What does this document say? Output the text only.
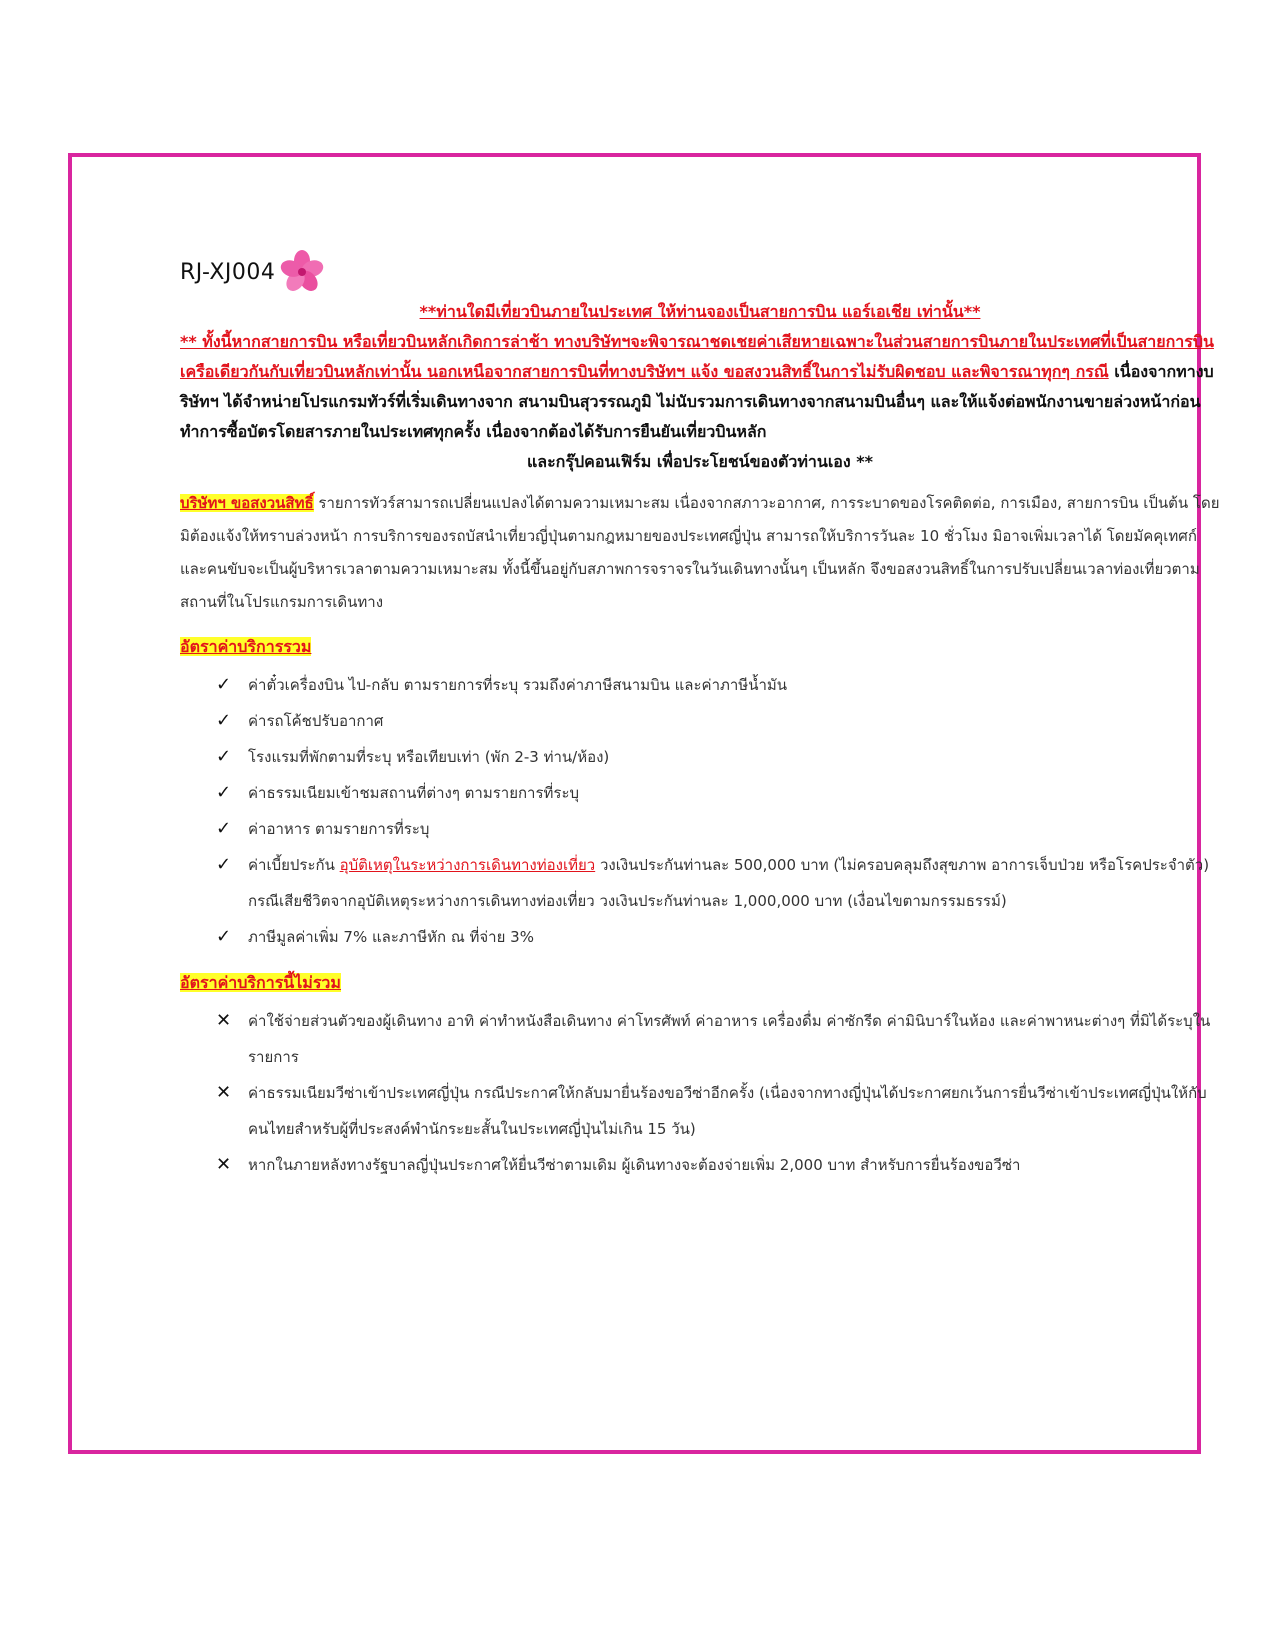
RJ-XJ004
**ท่านใดมีเที่ยวบินภายในประเทศ ให้ท่านจองเป็นสายการบิน แอร์เอเชีย เท่านั้น**
** ทั้งนี้หากสายการบิน หรือเที่ยวบินหลักเกิดการล่าช้า ทางบริษัทฯจะพิจารณาชดเชยค่าเสียหายเฉพาะในส่วนสายการบินภายในประเทศที่เป็นสายการบินเครือเดียวกันกับเที่ยวบินหลักเท่านั้น นอกเหนือจากสายการบินที่ทางบริษัทฯ แจ้ง ขอสงวนสิทธิ์ในการไม่รับผิดชอบ และพิจารณาทุกๆ กรณี เนื่องจากทางบริษัทฯ ได้จำหน่ายโปรแกรมทัวร์ที่เริ่มเดินทางจาก สนามบินสุวรรณภูมิ ไม่นับรวมการเดินทางจากสนามบินอื่นๆ และให้แจ้งต่อพนักงานขายล่วงหน้าก่อนทำการซื้อบัตรโดยสารภายในประเทศทุกครั้ง เนื่องจากต้องได้รับการยืนยันเที่ยวบินหลัก
และกรุ๊ปคอนเฟิร์ม เพื่อประโยชน์ของตัวท่านเอง **
บริษัทฯ ขอสงวนสิทธิ์ รายการทัวร์สามารถเปลี่ยนแปลงได้ตามความเหมาะสม เนื่องจากสภาวะอากาศ, การระบาดของโรคติดต่อ, การเมือง, สายการบิน เป็นต้น โดยมิต้องแจ้งให้ทราบล่วงหน้า การบริการของรถบัสนำเที่ยวญี่ปุ่นตามกฎหมายของประเทศญี่ปุ่น สามารถให้บริการวันละ 10 ชั่วโมง มิอาจเพิ่มเวลาได้ โดยมัคคุเทศก์ และคนขับจะเป็นผู้บริหารเวลาตามความเหมาะสม ทั้งนี้ขึ้นอยู่กับสภาพการจราจรในวันเดินทางนั้นๆ เป็นหลัก จึงขอสงวนสิทธิ์ในการปรับเปลี่ยนเวลาท่องเที่ยวตามสถานที่ในโปรแกรมการเดินทาง
อัตราค่าบริการรวม
✓	ค่าตั๋วเครื่องบิน ไป-กลับ ตามรายการที่ระบุ รวมถึงค่าภาษีสนามบิน และค่าภาษีน้ำมัน
✓	ค่ารถโค้ชปรับอากาศ
✓	โรงแรมที่พักตามที่ระบุ หรือเทียบเท่า (พัก 2-3 ท่าน/ห้อง)
✓	ค่าธรรมเนียมเข้าชมสถานที่ต่างๆ ตามรายการที่ระบุ
✓	ค่าอาหาร ตามรายการที่ระบุ
✓	ค่าเบี้ยประกัน อุบัติเหตุในระหว่างการเดินทางท่องเที่ยว วงเงินประกันท่านละ 500,000 บาท (ไม่ครอบคลุมถึงสุขภาพ อาการเจ็บป่วย หรือโรคประจำตัว) กรณีเสียชีวิตจากอุบัติเหตุระหว่างการเดินทางท่องเที่ยว วงเงินประกันท่านละ 1,000,000 บาท (เงื่อนไขตามกรรมธรรม์)
✓	ภาษีมูลค่าเพิ่ม 7% และภาษีหัก ณ ที่จ่าย 3%
อัตราค่าบริการนี้ไม่รวม
✕	ค่าใช้จ่ายส่วนตัวของผู้เดินทาง อาทิ ค่าทำหนังสือเดินทาง ค่าโทรศัพท์ ค่าอาหาร เครื่องดื่ม ค่าซักรีด ค่ามินิบาร์ในห้อง และค่าพาหนะต่างๆ ที่มิได้ระบุในรายการ
✕	ค่าธรรมเนียมวีซ่าเข้าประเทศญี่ปุ่น กรณีประกาศให้กลับมายื่นร้องขอวีซ่าอีกครั้ง (เนื่องจากทางญี่ปุ่นได้ประกาศยกเว้นการยื่นวีซ่าเข้าประเทศญี่ปุ่นให้กับคนไทยสำหรับผู้ที่ประสงค์พำนักระยะสั้นในประเทศญี่ปุ่นไม่เกิน 15 วัน)
✕	หากในภายหลังทางรัฐบาลญี่ปุ่นประกาศให้ยื่นวีซ่าตามเดิม ผู้เดินทางจะต้องจ่ายเพิ่ม 2,000 บาท สำหรับการยื่นร้องขอวีซ่า
